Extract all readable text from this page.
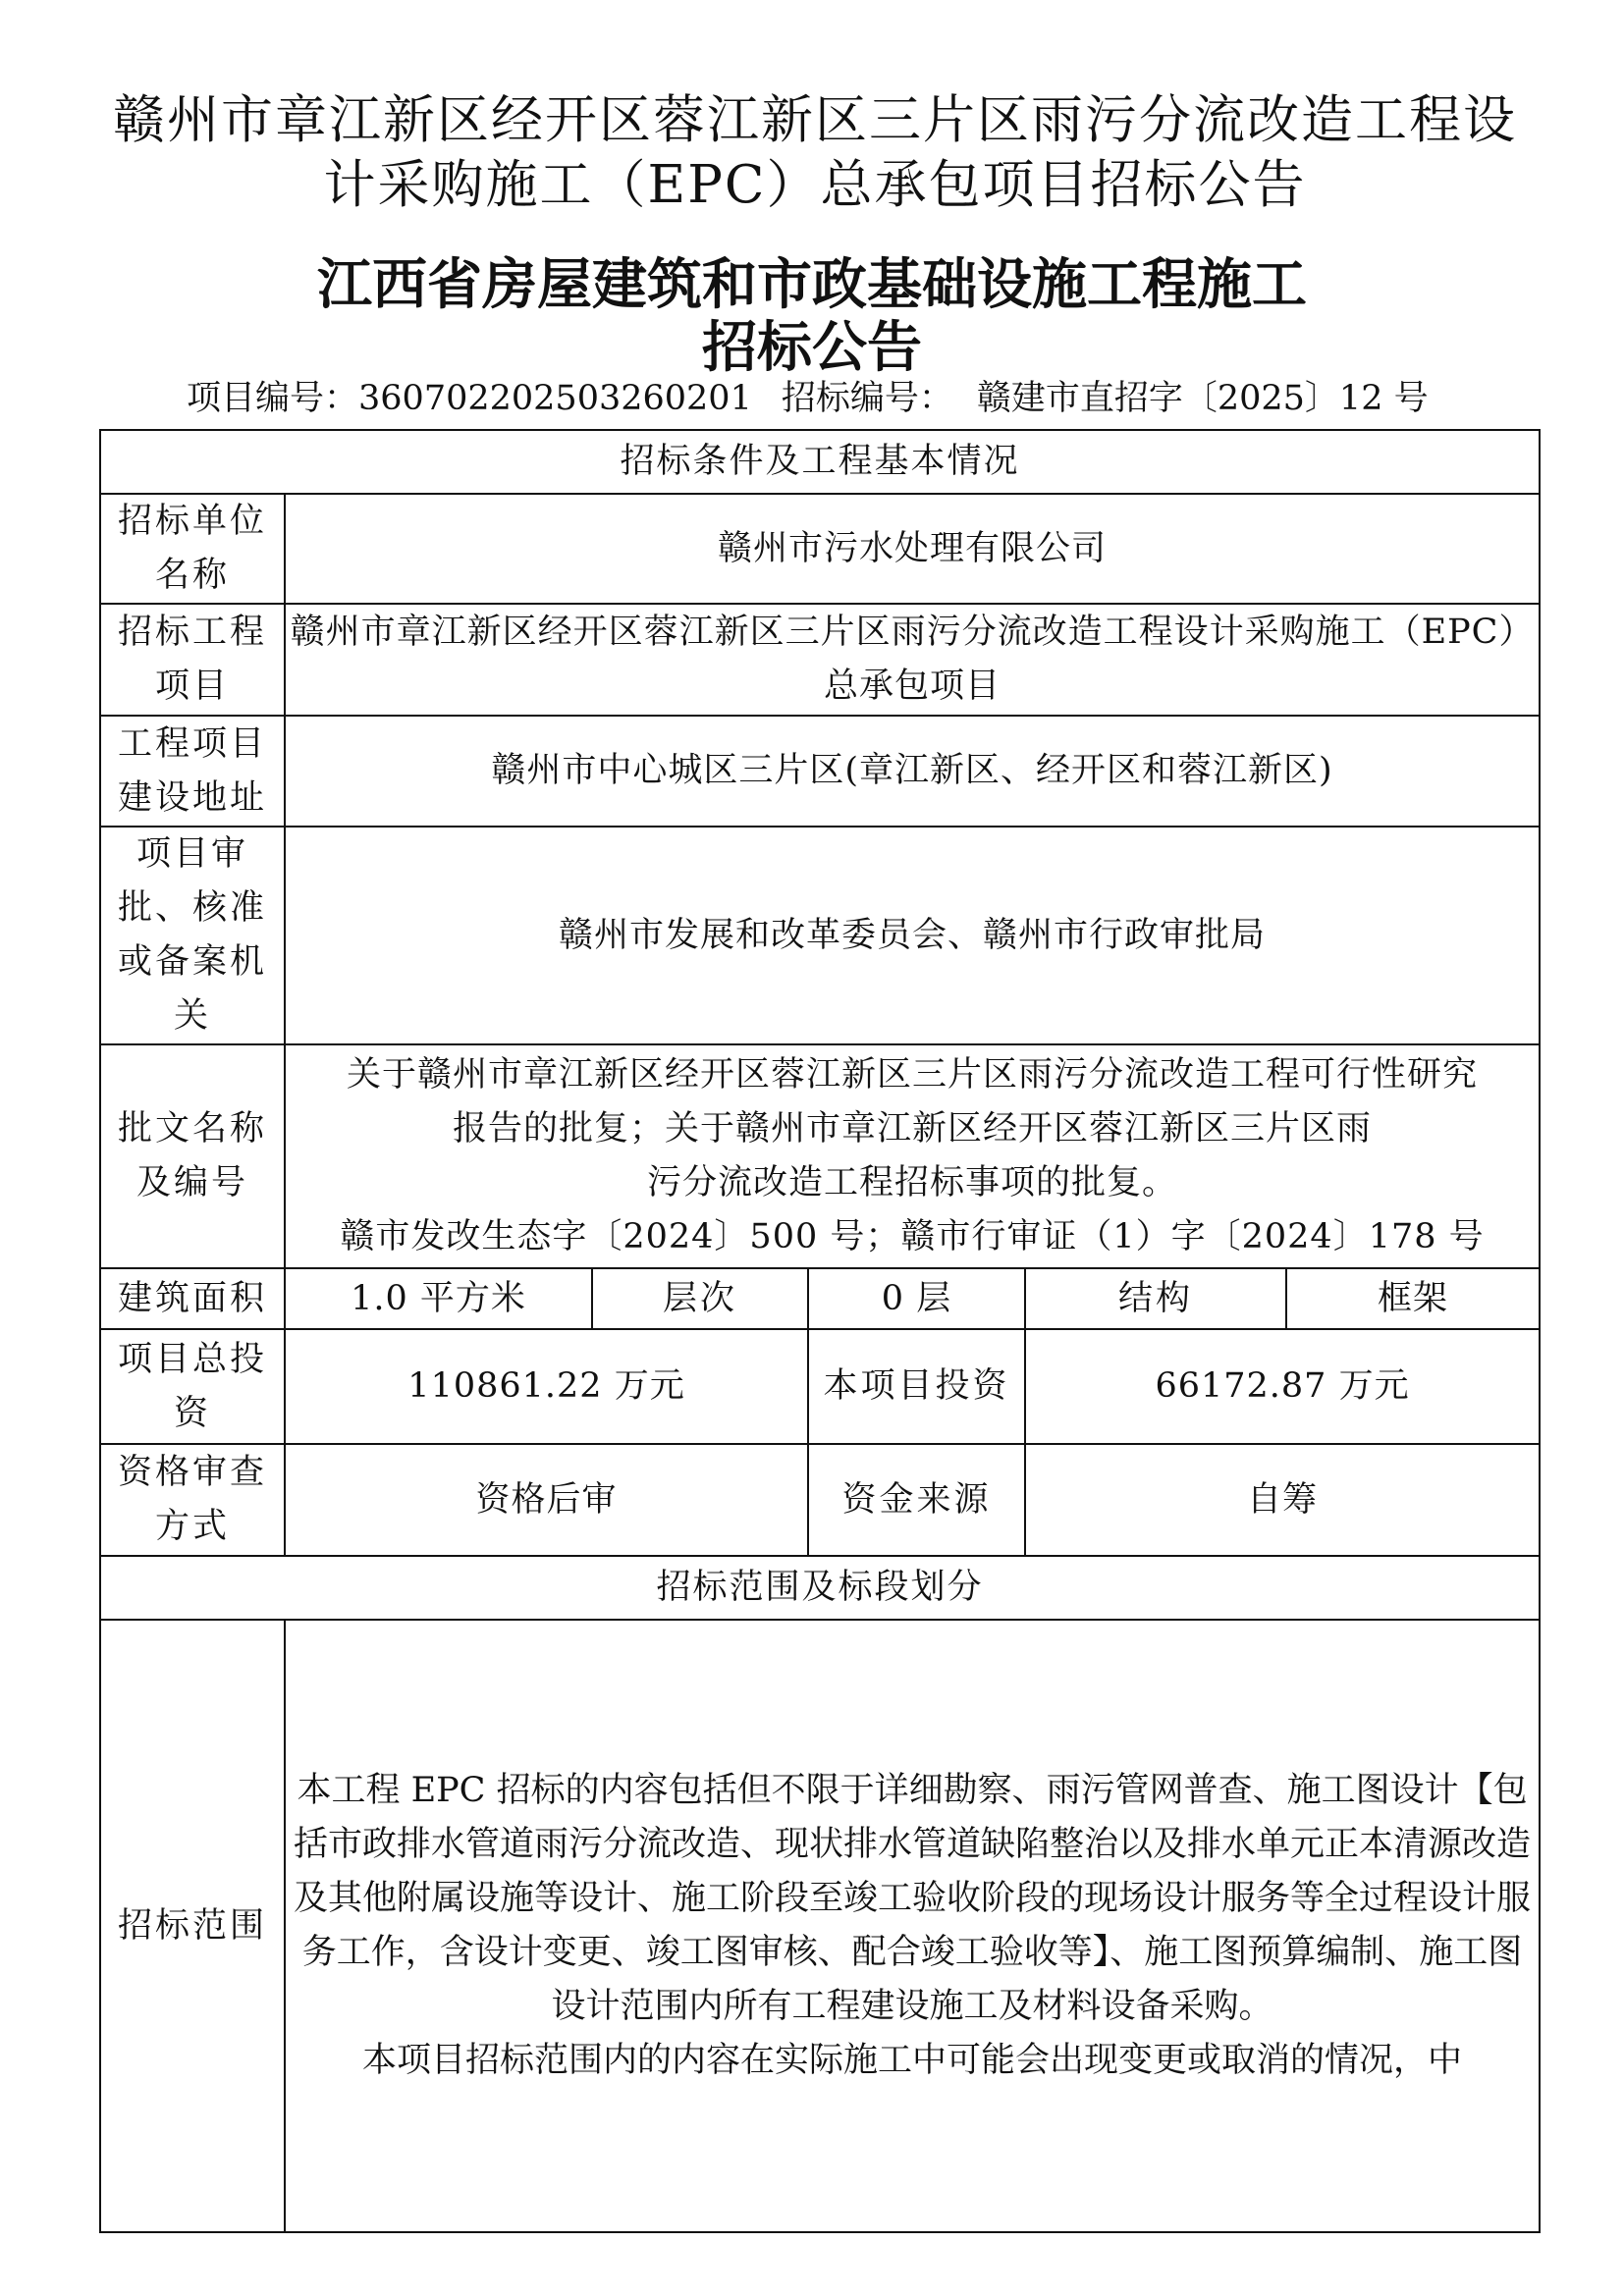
赣州市章江新区经开区蓉江新区三片区雨污分流改造工程设计采购施工（EPC）总承包项目招标公告
江西省房屋建筑和市政基础设施工程施工
招标公告
项目编号：360702202503260201 招标编号： 赣建市直招字〔2025〕12 号
招标条件及工程基本情况					
招标单位名称	赣州市污水处理有限公司				
招标工程项目	赣州市章江新区经开区蓉江新区三片区雨污分流改造工程设计采购施工（EPC）总承包项目				
工程项目建设地址	赣州市中心城区三片区(章江新区、经开区和蓉江新区)				
项目审批、核准或备案机关	赣州市发展和改革委员会、赣州市行政审批局				
批文名称及编号	关于赣州市章江新区经开区蓉江新区三片区雨污分流改造工程可行性研究
报告的批复；关于赣州市章江新区经开区蓉江新区三片区雨
污分流改造工程招标事项的批复。
赣市发改生态字〔2024〕500 号；赣市行审证（1）字〔2024〕178 号				

建筑面积	1.0 平方米	层次	0 层	结构	框架
项目总投资	110861.22 万元		本项目投资	66172.87 万元	
资格审查方式	资格后审		资金来源	自筹	
招标范围及标段划分					
招标范围	本工程 EPC 招标的内容包括但不限于详细勘察、雨污管网普查、施工图设计【包括市政排水管道雨污分流改造、现状排水管道缺陷整治以及排水单元正本清源改造及其他附属设施等设计、施工阶段至竣工验收阶段的现场设计服务等全过程设计服务工作，含设计变更、竣工图审核、配合竣工验收等】、施工图预算编制、施工图设计范围内所有工程建设施工及材料设备采购。

本项目招标范围内的内容在实际施工中可能会出现变更或取消的情况，中				
